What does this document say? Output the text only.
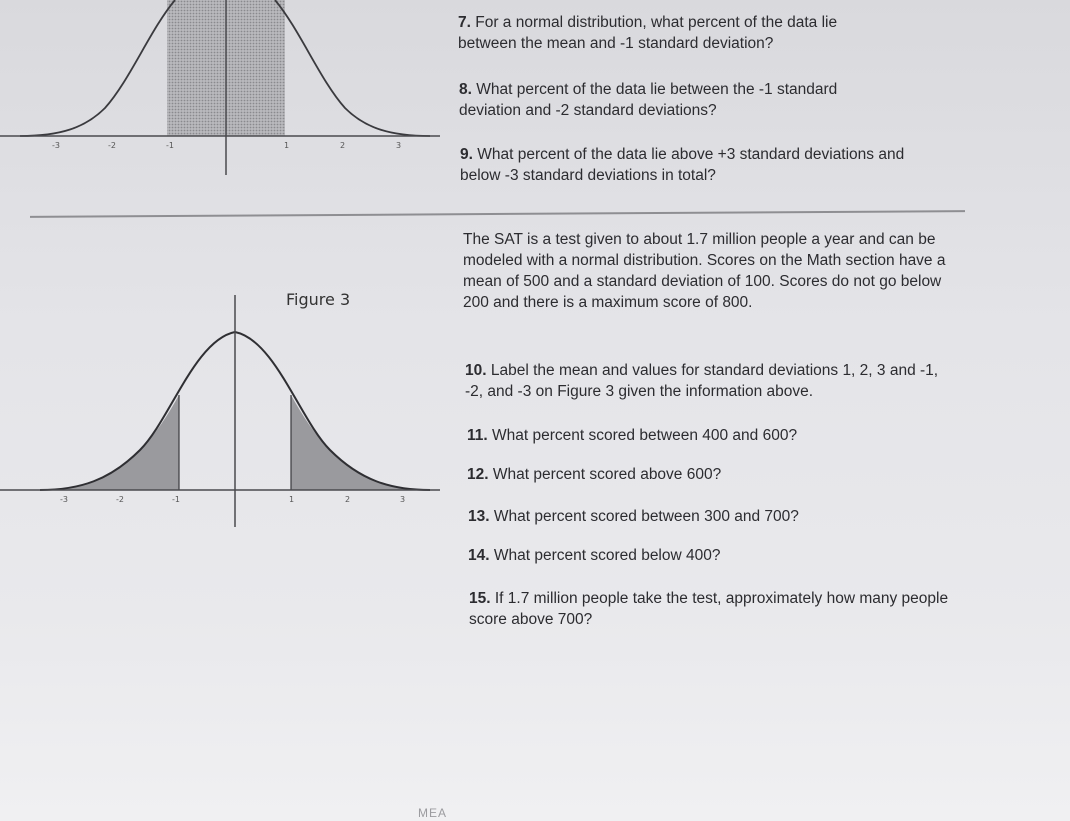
-3	-2	-1	1	2	3
-3	-2	-1	1	2	3
Figure 3
7. For a normal distribution, what percent of the data lie between the mean and -1 standard deviation?
8. What percent of the data lie between the -1 standard deviation and -2 standard deviations?
9. What percent of the data lie above +3 standard deviations and below -3 standard deviations in total?
The SAT is a test given to about 1.7 million people a year and can be modeled with a normal distribution. Scores on the Math section have a mean of 500 and a standard deviation of 100. Scores do not go below 200 and there is a maximum score of 800.
10. Label the mean and values for standard deviations 1, 2, 3 and -1, -2, and -3 on Figure 3 given the information above.
11. What percent scored between 400 and 600?
12. What percent scored above 600?
13. What percent scored between 300 and 700?
14. What percent scored below 400?
15. If 1.7 million people take the test, approximately how many people score above 700?
MEA
